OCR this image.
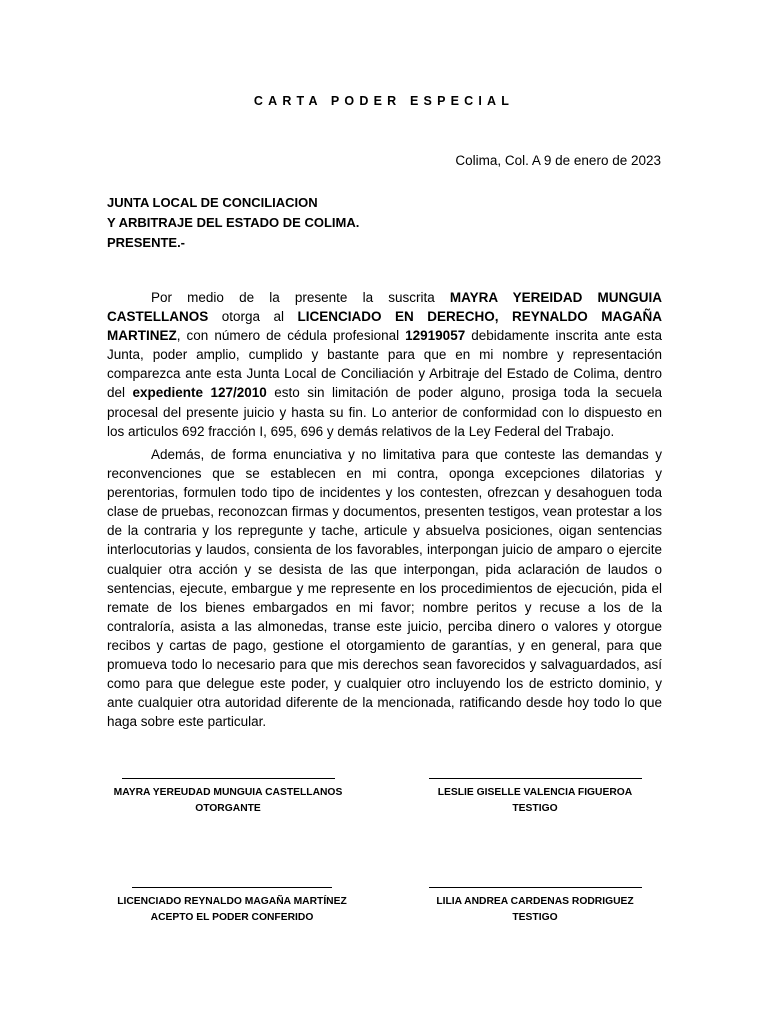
CARTA PODER ESPECIAL
Colima, Col. A 9 de enero de 2023
JUNTA LOCAL DE CONCILIACION
Y ARBITRAJE DEL ESTADO DE COLIMA.
PRESENTE.-

Por medio de la presente la suscrita MAYRA YEREIDAD MUNGUIA CASTELLANOS otorga al LICENCIADO EN DERECHO, REYNALDO MAGAÑA MARTINEZ, con número de cédula profesional 12919057 debidamente inscrita ante esta Junta, poder amplio, cumplido y bastante para que en mi nombre y representación comparezca ante esta Junta Local de Conciliación y Arbitraje del Estado de Colima, dentro del expediente 127/2010 esto sin limitación de poder alguno, prosiga toda la secuela procesal del presente juicio y hasta su fin. Lo anterior de conformidad con lo dispuesto en los articulos 692 fracción I, 695, 696 y demás relativos de la Ley Federal del Trabajo.

Además, de forma enunciativa y no limitativa para que conteste las demandas y reconvenciones que se establecen en mi contra, oponga excepciones dilatorias y perentorias, formulen todo tipo de incidentes y los contesten, ofrezcan y desahoguen toda clase de pruebas, reconozcan firmas y documentos, presenten testigos, vean protestar a los de la contraria y los repregunte y tache, articule y absuelva posiciones, oigan sentencias interlocutorias y laudos, consienta de los favorables, interpongan juicio de amparo o ejercite cualquier otra acción y se desista de las que interpongan, pida aclaración de laudos o sentencias, ejecute, embargue y me represente en los procedimientos de ejecución, pida el remate de los bienes embargados en mi favor; nombre peritos y recuse a los de la contraloría, asista a las almonedas, transe este juicio, perciba dinero o valores y otorgue recibos y cartas de pago, gestione el otorgamiento de garantías, y en general, para que promueva todo lo necesario para que mis derechos sean favorecidos y salvaguardados, así como para que delegue este poder, y cualquier otro incluyendo los de estricto dominio, y ante cualquier otra autoridad diferente de la mencionada, ratificando desde hoy todo lo que haga sobre este particular.

MAYRA YEREUDAD MUNGUIA CASTELLANOS
OTORGANTE
LESLIE GISELLE VALENCIA FIGUEROA
TESTIGO
LICENCIADO REYNALDO MAGAÑA MARTÍNEZ
ACEPTO EL PODER CONFERIDO
LILIA ANDREA CARDENAS RODRIGUEZ
TESTIGO
